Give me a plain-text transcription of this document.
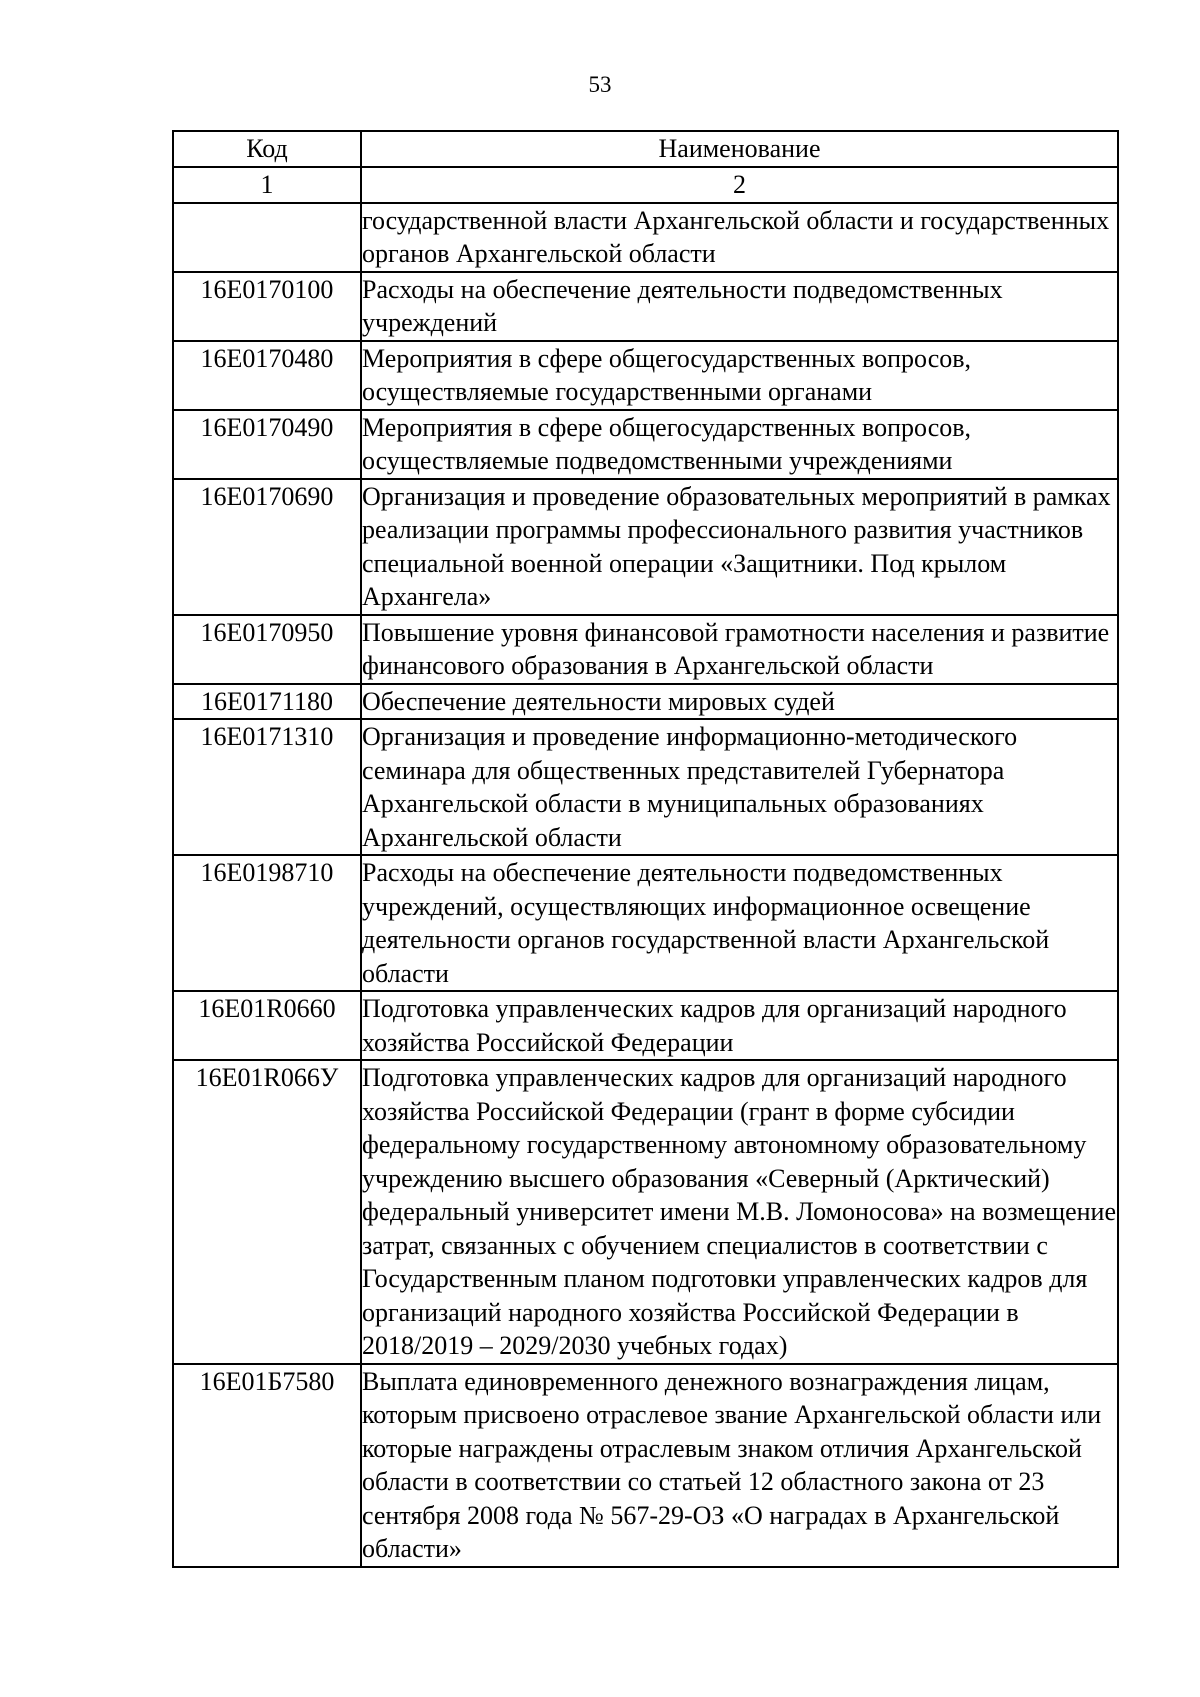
53
Код	Наименование
1	2
	государственной власти Архангельской области и государственных органов Архангельской области
16Е0170100	Расходы на обеспечение деятельности подведомственных учреждений
16Е0170480	Мероприятия в сфере общегосударственных вопросов, осуществляемые государственными органами
16Е0170490	Мероприятия в сфере общегосударственных вопросов, осуществляемые подведомственными учреждениями
16Е0170690	Организация и проведение образовательных мероприятий в рамках реализации программы профессионального развития участников специальной военной операции «Защитники. Под крылом Архангела»
16Е0170950	Повышение уровня финансовой грамотности населения и развитие финансового образования в Архангельской области
16Е0171180	Обеспечение деятельности мировых судей
16Е0171310	Организация и проведение информационно-методического семинара для общественных представителей Губернатора Архангельской области в муниципальных образованиях Архангельской области
16Е0198710	Расходы на обеспечение деятельности подведомственных учреждений, осуществляющих информационное освещение деятельности органов государственной власти Архангельской области
16Е01R0660	Подготовка управленческих кадров для организаций народного хозяйства Российской Федерации
16Е01R066У	Подготовка управленческих кадров для организаций народного хозяйства Российской Федерации (грант в форме субсидии федеральному государственному автономному образовательному учреждению высшего образования «Северный (Арктический) федеральный университет имени М.В. Ломоносова» на возмещение затрат, связанных с обучением специалистов в соответствии с Государственным планом подготовки управленческих кадров для организаций народного хозяйства Российской Федерации в 2018/2019 – 2029/2030 учебных годах)
16Е01Б7580	Выплата единовременного денежного вознаграждения лицам, которым присвоено отраслевое звание Архангельской области или которые награждены отраслевым знаком отличия Архангельской области в соответствии со статьей 12 областного закона от 23 сентября 2008 года № 567-29-ОЗ «О наградах в Архангельской области»
